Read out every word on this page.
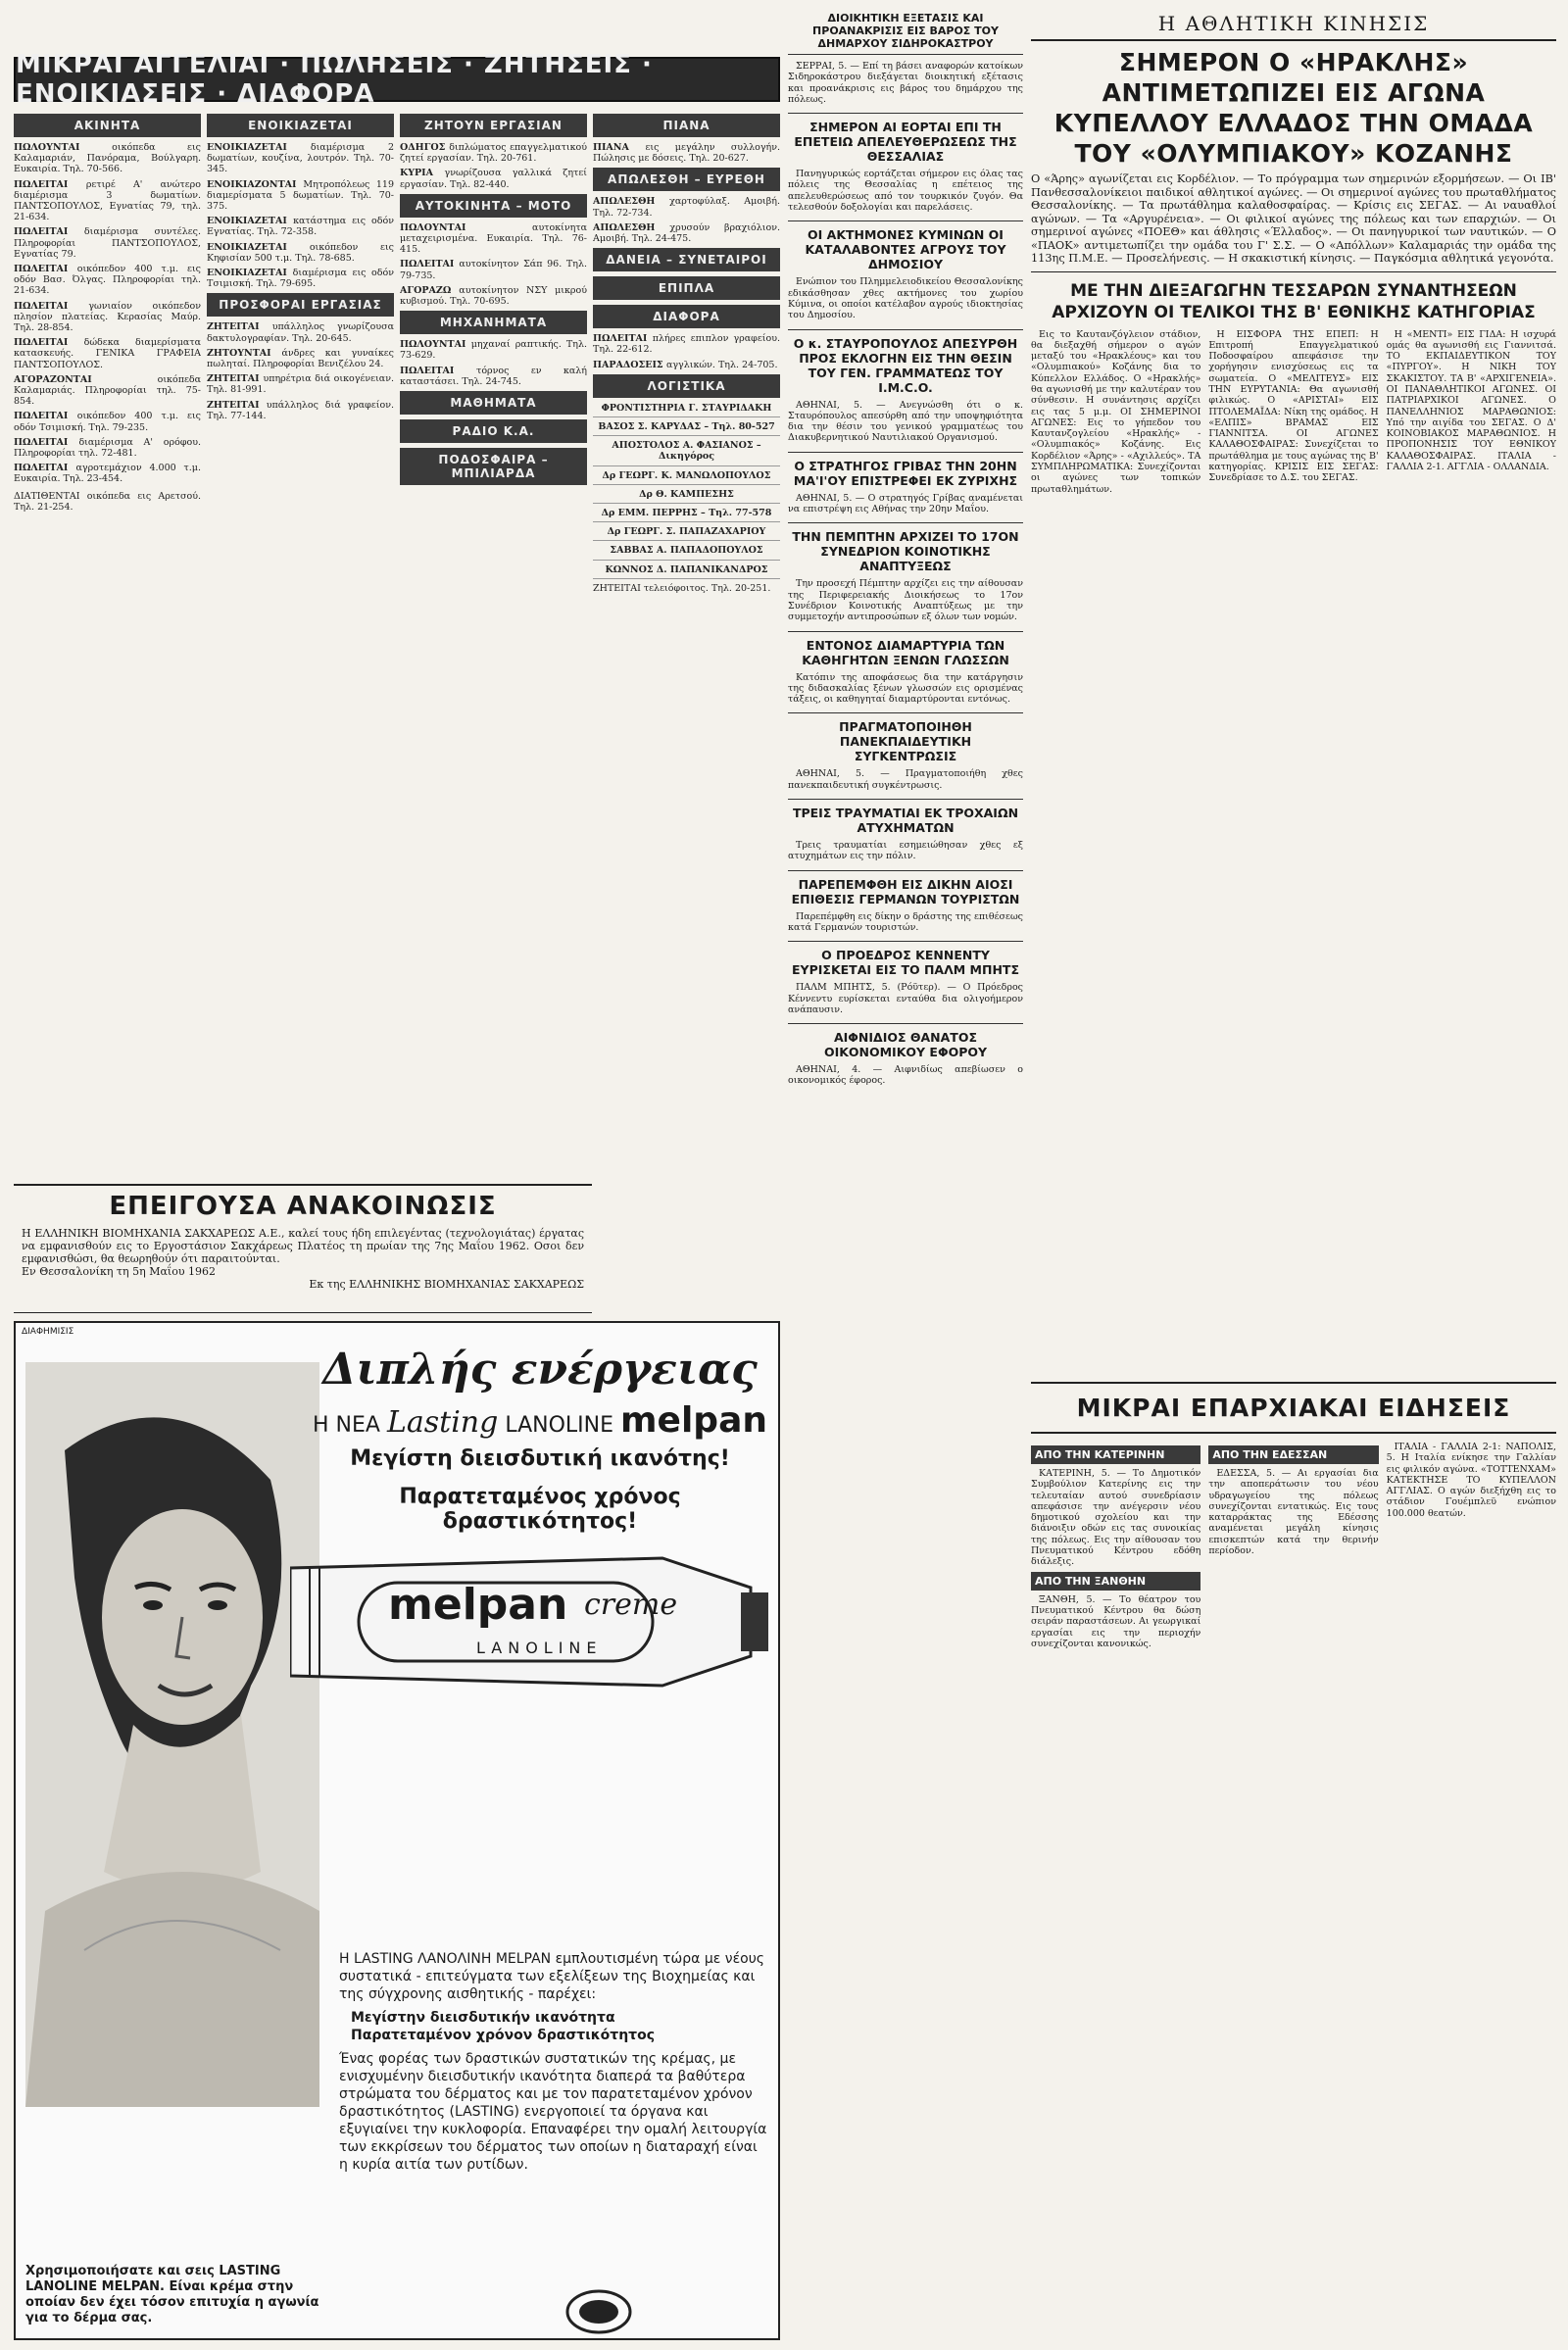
ΜΙΚΡΑΙ ΑΓΓΕΛΙΑΙ · ΠΩΛΗΣΕΙΣ · ΖΗΤΗΣΕΙΣ · ΕΝΟΙΚΙΑΣΕΙΣ · ΔΙΑΦΟΡΑ
ΑΚΙΝΗΤΑ
ΠΩΛΟΥΝΤΑΙ οικόπεδα εις Καλαμαριάν, Πανόραμα, Βούλγαρη. Ευκαιρία. Τηλ. 70-566.
ΠΩΛΕΙΤΑΙ ρετιρέ Α' ανώτερο διαμέρισμα 3 δωματίων. ΠΑΝΤΣΟΠΟΥΛΟΣ, Εγνατίας 79, τηλ. 21-634.
ΠΩΛΕΙΤΑΙ διαμέρισμα συντέλες. Πληροφορίαι ΠΑΝΤΣΟΠΟΥΛΟΣ, Εγνατίας 79.
ΠΩΛΕΙΤΑΙ οικόπεδον 400 τ.μ. εις οδόν Βασ. Όλγας. Πληροφορίαι τηλ. 21-634.
ΠΩΛΕΙΤΑΙ γωνιαίον οικόπεδον πλησίον πλατείας. Κερασίας Μαύρ. Τηλ. 28-854.
ΠΩΛΕΙΤΑΙ δώδεκα διαμερίσματα κατασκευής. ΓΕΝΙΚΑ ΓΡΑΦΕΙΑ ΠΑΝΤΣΟΠΟΥΛΟΣ.
ΑΓΟΡΑΖΟΝΤΑΙ οικόπεδα Καλαμαριάς. Πληροφορίαι τηλ. 75-854.
ΠΩΛΕΙΤΑΙ οικόπεδον 400 τ.μ. εις οδόν Τσιμισκή. Τηλ. 79-235.
ΠΩΛΕΙΤΑΙ διαμέρισμα Α' ορόφου. Πληροφορίαι τηλ. 72-481.
ΠΩΛΕΙΤΑΙ αγροτεμάχιον 4.000 τ.μ. Ευκαιρία. Τηλ. 23-454.
ΔΙΑΤΙΘΕΝΤΑΙ οικόπεδα εις Αρετσού. Τηλ. 21-254.
ΕΝΟΙΚΙΑΖΕΤΑΙ
ΕΝΟΙΚΙΑΖΕΤΑΙ διαμέρισμα 2 δωματίων, κουζίνα, λουτρόν. Τηλ. 70-345.
ΕΝΟΙΚΙΑΖΟΝΤΑΙ Μητροπόλεως 119 διαμερίσματα 5 δωματίων. Τηλ. 70-375.
ΕΝΟΙΚΙΑΖΕΤΑΙ κατάστημα εις οδόν Εγνατίας. Τηλ. 72-358.
ΕΝΟΙΚΙΑΖΕΤΑΙ οικόπεδον εις Κηφισίαν 500 τ.μ. Τηλ. 78-685.
ΕΝΟΙΚΙΑΖΕΤΑΙ διαμέρισμα εις οδόν Τσιμισκή. Τηλ. 79-695.
ΠΡΟΣΦΟΡΑΙ ΕΡΓΑΣΙΑΣ
ΖΗΤΕΙΤΑΙ υπάλληλος γνωρίζουσα δακτυλογραφίαν. Τηλ. 20-645.
ΖΗΤΟΥΝΤΑΙ άνδρες και γυναίκες πωληταί. Πληροφορίαι Βενιζέλου 24.
ΖΗΤΕΙΤΑΙ υπηρέτρια διά οικογένειαν. Τηλ. 81-991.
ΖΗΤΕΙΤΑΙ υπάλληλος διά γραφείον. Τηλ. 77-144.
ΖΗΤΟΥΝ ΕΡΓΑΣΙΑΝ
ΟΔΗΓΟΣ διπλώματος επαγγελματικού ζητεί εργασίαν. Τηλ. 20-761.
ΚΥΡΙΑ γνωρίζουσα γαλλικά ζητεί εργασίαν. Τηλ. 82-440.
ΑΥΤΟΚΙΝΗΤΑ – ΜΟΤΟ
ΠΩΛΟΥΝΤΑΙ αυτοκίνητα μεταχειρισμένα. Ευκαιρία. Τηλ. 76-415.
ΠΩΛΕΙΤΑΙ αυτοκίνητον Σάπ 96. Τηλ. 79-735.
ΑΓΟΡΑΖΩ αυτοκίνητον ΝΣΥ μικρού κυβισμού. Τηλ. 70-695.
ΜΗΧΑΝΗΜΑΤΑ
ΠΩΛΟΥΝΤΑΙ μηχαναί ραπτικής. Τηλ. 73-629.
ΠΩΛΕΙΤΑΙ τόρνος εν καλή καταστάσει. Τηλ. 24-745.
ΜΑΘΗΜΑΤΑ
ΡΑΔΙΟ Κ.Α.
ΠΟΔΟΣΦΑΙΡΑ – ΜΠΙΛΙΑΡΔΑ
ΠΙΑΝΑ
ΠΙΑΝΑ εις μεγάλην συλλογήν. Πώλησις με δόσεις. Τηλ. 20-627.
ΑΠΩΛΕΣΘΗ – ΕΥΡΕΘΗ
ΑΠΩΛΕΣΘΗ χαρτοφύλαξ. Αμοιβή. Τηλ. 72-734.
ΑΠΩΛΕΣΘΗ χρυσούν βραχιόλιον. Αμοιβή. Τηλ. 24-475.
ΔΑΝΕΙΑ – ΣΥΝΕΤΑΙΡΟΙ
ΕΠΙΠΛΑ
ΔΙΑΦΟΡΑ
ΠΩΛΕΙΤΑΙ πλήρες επιπλον γραφείου. Τηλ. 22-612.
ΠΑΡΑΔΟΣΕΙΣ αγγλικών. Τηλ. 24-705.
ΛΟΓΙΣΤΙΚΑ
ΦΡΟΝΤΙΣΤΗΡΙΑ Γ. ΣΤΑΥΡΙΔΑΚΗ
ΒΑΣΟΣ Σ. ΚΑΡΥΔΑΣ – Τηλ. 80-527
ΑΠΟΣΤΟΛΟΣ Α. ΦΑΣΙΑΝΟΣ – Δικηγόρος
Δρ ΓΕΩΡΓ. Κ. ΜΑΝΩΛΟΠΟΥΛΟΣ
Δρ Θ. ΚΑΜΠΕΣΗΣ
Δρ ΕΜΜ. ΠΕΡΡΗΣ – Τηλ. 77-578
Δρ ΓΕΩΡΓ. Σ. ΠΑΠΑΖΑΧΑΡΙΟΥ
ΣΑΒΒΑΣ Α. ΠΑΠΑΔΟΠΟΥΛΟΣ
ΚΩΝΝΟΣ Δ. ΠΑΠΑΝΙΚΑΝΔΡΟΣ
ΖΗΤΕΙΤΑΙ τελειόφοιτος. Τηλ. 20-251.
ΕΠΕΙΓΟΥΣΑ ΑΝΑΚΟΙΝΩΣΙΣ

Η ΕΛΛΗΝΙΚΗ ΒΙΟΜΗΧΑΝΙΑ ΣΑΚΧΑΡΕΩΣ Α.Ε., καλεί τους ήδη επιλεγέντας (τεχνολογιάτας) έργατας να εμφανισθούν εις το Εργοστάσιον Σακχάρεως Πλατέος τη πρωίαν της 7ης Μαΐου 1962. Οσοι δεν εμφανισθώσι, θα θεωρηθούν ότι παραιτούνται.

Εν Θεσσαλονίκη τη 5η Μαΐου 1962

Εκ της ΕΛΛΗΝΙΚΗΣ ΒΙΟΜΗΧΑΝΙΑΣ ΣΑΚΧΑΡΕΩΣ

ΔΙΑΦΗΜΙΣΙΣ
Διπλής ενέργειας
Η ΝΕΑ Lasting LANOLINE melpan
Μεγίστη διεισδυτική ικανότης!
Παρατεταμένος χρόνος δραστικότητος!
melpan creme
LANOLINE

Η LASTING ΛΑΝΟΛΙΝΗ MELPAN εμπλουτισμένη τώρα με νέους συστατικά - επιτεύγματα των εξελίξεων της Βιοχημείας και της σύγχρονης αισθητικής - παρέχει:

Μεγίστην διεισδυτικήν ικανότητα
Παρατεταμένον χρόνον δραστικότητος

Ένας φορέας των δραστικών συστατικών της κρέμας, με ενισχυμένην διεισδυτικήν ικανότητα διαπερά τα βαθύτερα στρώματα του δέρματος και με τον παρατεταμένον χρόνον δραστικότητος (LASTING) ενεργοποιεί τα όργανα και εξυγιαίνει την κυκλοφορία. Επαναφέρει την ομαλή λειτουργία των εκκρίσεων του δέρματος των οποίων η διαταραχή είναι η κυρία αιτία των ρυτίδων.

Χρησιμοποιήσατε και σεις LASTING LANOLINE MELPAN. Είναι κρέμα στην οποίαν δεν έχει τόσον επιτυχία η αγωνία για το δέρμα σας.
ΔΙΟΙΚΗΤΙΚΗ ΕΞΕΤΑΣΙΣ ΚΑΙ ΠΡΟΑΝΑΚΡΙΣΙΣ ΕΙΣ ΒΑΡΟΣ ΤΟΥ ΔΗΜΑΡΧΟΥ ΣΙΔΗΡΟΚΑΣΤΡΟΥ

ΣΕΡΡΑΙ, 5. — Επί τη βάσει αναφορών κατοίκων Σιδηροκάστρου διεξάγεται διοικητική εξέτασις και προανάκρισις εις βάρος του δημάρχου της πόλεως.

ΣΗΜΕΡΟΝ ΑΙ ΕΟΡΤΑΙ ΕΠΙ ΤΗ ΕΠΕΤΕΙΩ ΑΠΕΛΕΥΘΕΡΩΣΕΩΣ ΤΗΣ ΘΕΣΣΑΛΙΑΣ

Πανηγυρικώς εορτάζεται σήμερον εις όλας τας πόλεις της Θεσσαλίας η επέτειος της απελευθερώσεως από τον τουρκικόν ζυγόν. Θα τελεσθούν δοξολογίαι και παρελάσεις.

ΟΙ ΑΚΤΗΜΟΝΕΣ ΚΥΜΙΝΩΝ ΟΙ ΚΑΤΑΛΑΒΟΝΤΕΣ ΑΓΡΟΥΣ ΤΟΥ ΔΗΜΟΣΙΟΥ

Ενώπιον του Πλημμελειοδικείου Θεσσαλονίκης εδικάσθησαν χθες ακτήμονες του χωρίου Κύμινα, οι οποίοι κατέλαβον αγρούς ιδιοκτησίας του Δημοσίου.

Ο κ. ΣΤΑΥΡΟΠΟΥΛΟΣ ΑΠΕΣΥΡΘΗ ΠΡΟΣ ΕΚΛΟΓΗΝ ΕΙΣ ΤΗΝ ΘΕΣΙΝ ΤΟΥ ΓΕΝ. ΓΡΑΜΜΑΤΕΩΣ ΤΟΥ I.M.C.O.

ΑΘΗΝΑΙ, 5. — Ανεγνώσθη ότι ο κ. Σταυρόπουλος απεσύρθη από την υποψηφιότητα δια την θέσιν του γενικού γραμματέως του Διακυβερνητικού Ναυτιλιακού Οργανισμού.

Ο ΣΤΡΑΤΗΓΟΣ ΓΡΙΒΑΣ ΤΗΝ 20ΗΝ ΜΑ'Ι'ΟΥ ΕΠΙΣΤΡΕΦΕΙ ΕΚ ΖΥΡΙΧΗΣ

ΑΘΗΝΑΙ, 5. — Ο στρατηγός Γρίβας αναμένεται να επιστρέψη εις Αθήνας την 20ην Μαΐου.

ΤΗΝ ΠΕΜΠΤΗΝ ΑΡΧΙΖΕΙ ΤΟ 17ΟΝ ΣΥΝΕΔΡΙΟΝ ΚΟΙΝΟΤΙΚΗΣ ΑΝΑΠΤΥΞΕΩΣ

Την προσεχή Πέμπτην αρχίζει εις την αίθουσαν της Περιφερειακής Διοικήσεως το 17ον Συνέδριον Κοινοτικής Αναπτύξεως με την συμμετοχήν αντιπροσώπων εξ όλων των νομών.

ΕΝΤΟΝΟΣ ΔΙΑΜΑΡΤΥΡΙΑ ΤΩΝ ΚΑΘΗΓΗΤΩΝ ΞΕΝΩΝ ΓΛΩΣΣΩΝ

Κατόπιν της αποφάσεως δια την κατάργησιν της διδασκαλίας ξένων γλωσσών εις ορισμένας τάξεις, οι καθηγηταί διαμαρτύρονται εντόνως.

ΠΡΑΓΜΑΤΟΠΟΙΗΘΗ ΠΑΝΕΚΠΑΙΔΕΥΤΙΚΗ ΣΥΓΚΕΝΤΡΩΣΙΣ

ΑΘΗΝΑΙ, 5. — Πραγματοποιήθη χθες πανεκπαιδευτική συγκέντρωσις.

ΤΡΕΙΣ ΤΡΑΥΜΑΤΙΑΙ ΕΚ ΤΡΟΧΑΙΩΝ ΑΤΥΧΗΜΑΤΩΝ

Τρεις τραυματίαι εσημειώθησαν χθες εξ ατυχημάτων εις την πόλιν.

ΠΑΡΕΠΕΜΦΘΗ ΕΙΣ ΔΙΚΗΝ ΑΙΟΣΙ ΕΠΙΘΕΣΙΣ ΓΕΡΜΑΝΩΝ ΤΟΥΡΙΣΤΩΝ

Παρεπέμφθη εις δίκην ο δράστης της επιθέσεως κατά Γερμανών τουριστών.

Ο ΠΡΟΕΔΡΟΣ ΚΕΝΝΕΝΤΥ ΕΥΡΙΣΚΕΤΑΙ ΕΙΣ ΤΟ ΠΑΛΜ ΜΠΗΤΣ

ΠΑΛΜ ΜΠΗΤΣ, 5. (Ρόϋτερ). — Ο Πρόεδρος Κέννεντυ ευρίσκεται ενταύθα δια ολιγοήμερον ανάπαυσιν.

ΑΙΦΝΙΔΙΟΣ ΘΑΝΑΤΟΣ ΟΙΚΟΝΟΜΙΚΟΥ ΕΦΟΡΟΥ

ΑΘΗΝΑΙ, 4. — Αιφνιδίως απεβίωσεν ο οικονομικός έφορος.

Η ΑΘΛΗΤΙΚΗ ΚΙΝΗΣΙΣ
ΣΗΜΕΡΟΝ Ο «ΗΡΑΚΛΗΣ» ΑΝΤΙΜΕΤΩΠΙΖΕΙ ΕΙΣ ΑΓΩΝΑ ΚΥΠΕΛΛΟΥ ΕΛΛΑΔΟΣ ΤΗΝ ΟΜΑΔΑ ΤΟΥ «ΟΛΥΜΠΙΑΚΟΥ» ΚΟΖΑΝΗΣ

Ο «Άρης» αγωνίζεται εις Κορδέλιον. — Το πρόγραμμα των σημερινών εξορμήσεων. — Οι ΙΒ' Πανθεσσαλονίκειοι παιδικοί αθλητικοί αγώνες. — Οι σημερινοί αγώνες του πρωταθλήματος Θεσσαλονίκης. — Τα πρωτάθλημα καλαθοσφαίρας. — Κρίσις εις ΣΕΓΑΣ. — Αι ναυαθλοί αγώνων. — Τα «Αργυρένεια». — Οι φιλικοί αγώνες της πόλεως και των επαρχιών. — Οι σημερινοί αγώνες «ΠΟΕΘ» και άθλησις «Έλλαδος». — Οι πανηγυρικοί των ναυτικών. — Ο «ΠΑΟΚ» αντιμετωπίζει την ομάδα του Γ' Σ.Σ. — Ο «Απόλλων» Καλαμαριάς την ομάδα της 113ης Π.Μ.Ε. — Προσελήνεσις. — Η σκακιστική κίνησις. — Παγκόσμια αθλητικά γεγονότα.

ΜΕ ΤΗΝ ΔΙΕΞΑΓΩΓΗΝ ΤΕΣΣΑΡΩΝ ΣΥΝΑΝΤΗΣΕΩΝ ΑΡΧΙΖΟΥΝ ΟΙ ΤΕΛΙΚΟΙ ΤΗΣ Β' ΕΘΝΙΚΗΣ ΚΑΤΗΓΟΡΙΑΣ

Εις το Καυτανζόγλειον στάδιον, θα διεξαχθή σήμερον ο αγών μεταξύ του «Ηρακλέους» και του «Ολυμπιακού» Κοζάνης δια το Κύπελλον Ελλάδος. Ο «Ηρακλής» θα αγωνισθή με την καλυτέραν του σύνθεσιν. Η συνάντησις αρχίζει εις τας 5 μ.μ. ΟΙ ΣΗΜΕΡΙΝΟΙ ΑΓΩΝΕΣ: Εις το γήπεδον του Καυτανζογλείου «Ηρακλής» - «Ολυμπιακός» Κοζάνης. Εις Κορδέλιον «Άρης» - «Αχιλλεύς». ΤΑ ΣΥΜΠΛΗΡΩΜΑΤΙΚΑ: Συνεχίζονται οι αγώνες των τοπικών πρωταθλημάτων.

Η ΕΙΣΦΟΡΑ ΤΗΣ ΕΠΕΠ: Η Επιτροπή Επαγγελματικού Ποδοσφαίρου απεφάσισε την χορήγησιν ενισχύσεως εις τα σωματεία. Ο «ΜΕΛΙΤΕΥΣ» ΕΙΣ ΤΗΝ ΕΥΡΥΤΑΝΙΑ: Θα αγωνισθή φιλικώς. Ο «ΑΡΙΣΤΑΙ» ΕΙΣ ΠΤΟΛΕΜΑΪΔΑ: Νίκη της ομάδος. Η «ΕΛΠΙΣ» ΒΡΑΜΑΣ ΕΙΣ ΓΙΑΝΝΙΤΣΑ. ΟΙ ΑΓΩΝΕΣ ΚΑΛΑΘΟΣΦΑΙΡΑΣ: Συνεχίζεται το πρωτάθλημα με τους αγώνας της Β' κατηγορίας. ΚΡΙΣΙΣ ΕΙΣ ΣΕΓΑΣ: Συνεδρίασε το Δ.Σ. του ΣΕΓΑΣ.

Η «ΜΕΝΤΙ» ΕΙΣ ΓΙΔΑ: Η ισχυρά ομάς θα αγωνισθή εις Γιαννιτσά. ΤΟ ΕΚΠΑΙΔΕΥΤΙΚΟΝ ΤΟΥ «ΠΥΡΓΟΥ». Η ΝΙΚΗ ΤΟΥ ΣΚΑΚΙΣΤΟΥ. ΤΑ Β' «ΑΡΧΙΓΕΝΕΙΑ». ΟΙ ΠΑΝΑΘΛΗΤΙΚΟΙ ΑΓΩΝΕΣ. ΟΙ ΠΑΤΡΙΑΡΧΙΚΟΙ ΑΓΩΝΕΣ. Ο ΠΑΝΕΛΛΗΝΙΟΣ ΜΑΡΑΘΩΝΙΟΣ: Υπό την αιγίδα του ΣΕΓΑΣ. Ο Δ' ΚΟΙΝΟΒΙΑΚΟΣ ΜΑΡΑΘΩΝΙΟΣ. Η ΠΡΟΠΟΝΗΣΙΣ ΤΟΥ ΕΘΝΙΚΟΥ ΚΑΛΑΘΟΣΦΑΙΡΑΣ. ΙΤΑΛΙΑ - ΓΑΛΛΙΑ 2-1. ΑΓΓΛΙΑ - ΟΛΛΑΝΔΙΑ.

ΜΙΚΡΑΙ ΕΠΑΡΧΙΑΚΑΙ ΕΙΔΗΣΕΙΣ
ΑΠΟ ΤΗΝ ΚΑΤΕΡΙΝΗΝ

ΚΑΤΕΡΙΝΗ, 5. — Το Δημοτικόν Συμβούλιον Κατερίνης εις την τελευταίαν αυτού συνεδρίασιν απεφάσισε την ανέγερσιν νέου δημοτικού σχολείου και την διάνοιξιν οδών εις τας συνοικίας της πόλεως. Εις την αίθουσαν του Πνευματικού Κέντρου εδόθη διάλεξις.

ΑΠΟ ΤΗΝ ΞΑΝΘΗΝ

ΞΑΝΘΗ, 5. — Το θέατρον του Πνευματικού Κέντρου θα δώση σειράν παραστάσεων. Αι γεωργικαί εργασίαι εις την περιοχήν συνεχίζονται κανονικώς.

ΑΠΟ ΤΗΝ ΕΔΕΣΣΑΝ

ΕΔΕΣΣΑ, 5. — Αι εργασίαι δια την αποπεράτωσιν του νέου υδραγωγείου της πόλεως συνεχίζονται εντατικώς. Εις τους καταρράκτας της Εδέσσης αναμένεται μεγάλη κίνησις επισκεπτών κατά την θερινήν περίοδον.

ΙΤΑΛΙΑ - ΓΑΛΛΙΑ 2-1: ΝΑΠΟΛΙΣ, 5. Η Ιταλία ενίκησε την Γαλλίαν εις φιλικόν αγώνα. «ΤΟΤΤΕΝΧΑΜ» ΚΑΤΕΚΤΗΣΕ ΤΟ ΚΥΠΕΛΛΟΝ ΑΓΓΛΙΑΣ. Ο αγών διεξήχθη εις το στάδιον Γουέμπλεϋ ενώπιον 100.000 θεατών.
